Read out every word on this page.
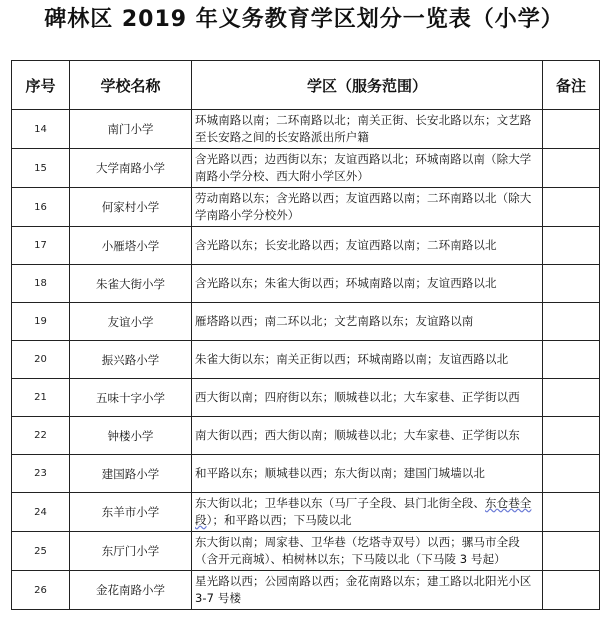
碑林区 2019 年义务教育学区划分一览表（小学）
序号	学校名称	学区（服务范围）	备注
14	南门小学	环城南路以南；二环南路以北；南关正街、长安北路以东；文艺路至长安路之间的长安路派出所户籍	
15	大学南路小学	含光路以西；边西街以东；友谊西路以北；环城南路以南（除大学南路小学分校、西大附小学区外）	
16	何家村小学	劳动南路以东；含光路以西；友谊西路以南；二环南路以北（除大学南路小学分校外）	
17	小雁塔小学	含光路以东；长安北路以西；友谊西路以南；二环南路以北	
18	朱雀大街小学	含光路以东；朱雀大街以西；环城南路以南；友谊西路以北	
19	友谊小学	雁塔路以西；南二环以北；文艺南路以东；友谊路以南	
20	振兴路小学	朱雀大街以东；南关正街以西；环城南路以南；友谊西路以北	
21	五味十字小学	西大街以南；四府街以东；顺城巷以北；大车家巷、正学街以西	
22	钟楼小学	南大街以西；西大街以南；顺城巷以北；大车家巷、正学街以东	
23	建国路小学	和平路以东；顺城巷以西；东大街以南；建国门城墙以北	
24	东羊市小学	东大街以北；卫华巷以东（马厂子全段、县门北街全段、东仓巷全段）；和平路以西；下马陵以北	
25	东厅门小学	东大街以南；周家巷、卫华巷（圪塔寺双号）以西；骡马市全段（含开元商城）、柏树林以东；下马陵以北（下马陵 3 号起）	
26	金花南路小学	星光路以西；公园南路以西；金花南路以东；建工路以北阳光小区 3-7 号楼	
